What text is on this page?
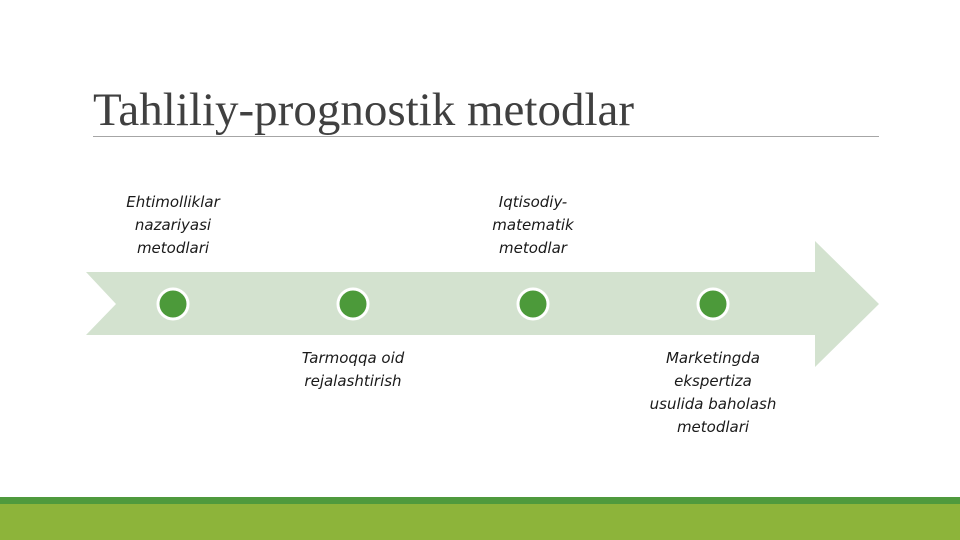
Tahliliy-prognostik metodlar
Ehtimolliklar
nazariyasi
metodlari
Iqtisodiy-
matematik
metodlar
Tarmoqqa oid
rejalashtirish
Marketingda
ekspertiza
usulida baholash
metodlari
